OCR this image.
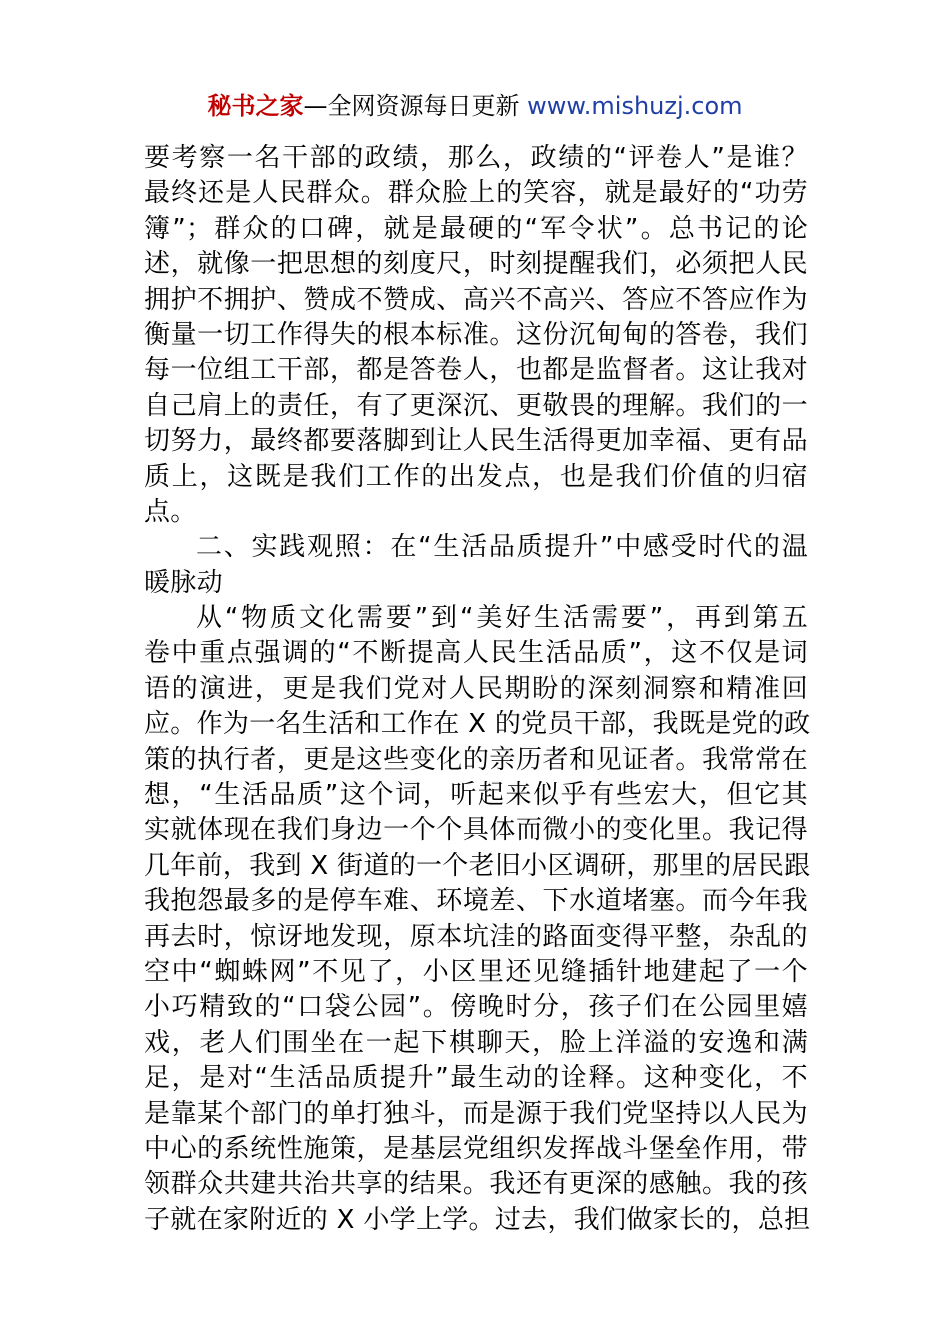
秘书之家—全网资源每日更新 www.mishuzj.com
要考察一名干部的政绩，那么，政绩的“评卷人”是谁？
最终还是人民群众。群众脸上的笑容，就是最好的“功劳
簿”；群众的口碑，就是最硬的“军令状”。总书记的论
述，就像一把思想的刻度尺，时刻提醒我们，必须把人民
拥护不拥护、赞成不赞成、高兴不高兴、答应不答应作为
衡量一切工作得失的根本标准。这份沉甸甸的答卷，我们
每一位组工干部，都是答卷人，也都是监督者。这让我对
自己肩上的责任，有了更深沉、更敬畏的理解。我们的一
切努力，最终都要落脚到让人民生活得更加幸福、更有品
质上，这既是我们工作的出发点，也是我们价值的归宿
点。
二、实践观照：在“生活品质提升”中感受时代的温
暖脉动
从“物质文化需要”到“美好生活需要”，再到第五
卷中重点强调的“不断提高人民生活品质”，这不仅是词
语的演进，更是我们党对人民期盼的深刻洞察和精准回
应。作为一名生活和工作在 X 的党员干部，我既是党的政
策的执行者，更是这些变化的亲历者和见证者。我常常在
想，“生活品质”这个词，听起来似乎有些宏大，但它其
实就体现在我们身边一个个具体而微小的变化里。我记得
几年前，我到 X 街道的一个老旧小区调研，那里的居民跟
我抱怨最多的是停车难、环境差、下水道堵塞。而今年我
再去时，惊讶地发现，原本坑洼的路面变得平整，杂乱的
空中“蜘蛛网”不见了，小区里还见缝插针地建起了一个
小巧精致的“口袋公园”。傍晚时分，孩子们在公园里嬉
戏，老人们围坐在一起下棋聊天，脸上洋溢的安逸和满
足，是对“生活品质提升”最生动的诠释。这种变化，不
是靠某个部门的单打独斗，而是源于我们党坚持以人民为
中心的系统性施策，是基层党组织发挥战斗堡垒作用，带
领群众共建共治共享的结果。我还有更深的感触。我的孩
子就在家附近的 X 小学上学。过去，我们做家长的，总担
